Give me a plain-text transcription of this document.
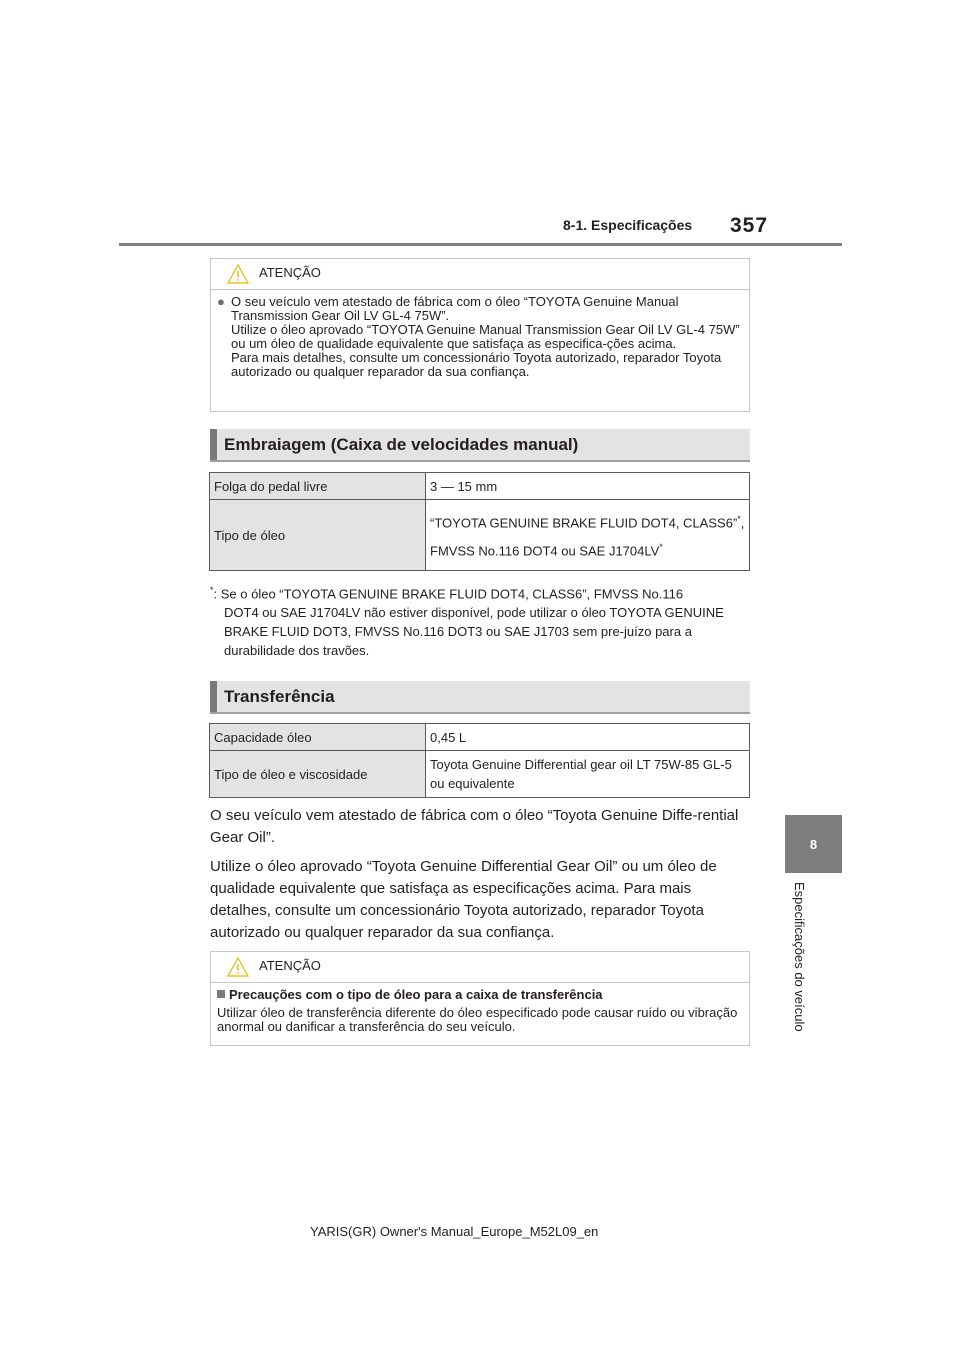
8-1. Especificações 357
8
Especificações do veículo
ATENÇÃO
● O seu veículo vem atestado de fábrica com o óleo “TOYOTA Genuine Manual Transmission Gear Oil LV GL-4 75W”.
Utilize o óleo aprovado “TOYOTA Genuine Manual Transmission Gear Oil LV GL-4 75W” ou um óleo de qualidade equivalente que satisfaça as especifica-ções acima.
Para mais detalhes, consulte um concessionário Toyota autorizado, reparador Toyota autorizado ou qualquer reparador da sua confiança.
Embraiagem (Caixa de velocidades manual)
Folga do pedal livre	3 — 15 mm
Tipo de óleo	“TOYOTA GENUINE BRAKE FLUID DOT4, CLASS6”*, FMVSS No.116 DOT4 ou SAE J1704LV*
*: Se o óleo “TOYOTA GENUINE BRAKE FLUID DOT4, CLASS6”, FMVSS No.116
DOT4 ou SAE J1704LV não estiver disponível, pode utilizar o óleo TOYOTA GENUINE BRAKE FLUID DOT3, FMVSS No.116 DOT3 ou SAE J1703 sem pre-juízo para a durabilidade dos travões.
Transferência
Capacidade óleo	0,45 L
Tipo de óleo e viscosidade	Toyota Genuine Differential gear oil LT 75W-85 GL-5 ou equivalente

O seu veículo vem atestado de fábrica com o óleo “Toyota Genuine Diffe-rential Gear Oil”.

Utilize o óleo aprovado “Toyota Genuine Differential Gear Oil” ou um óleo de qualidade equivalente que satisfaça as especificações acima. Para mais detalhes, consulte um concessionário Toyota autorizado, reparador Toyota autorizado ou qualquer reparador da sua confiança.

ATENÇÃO
Precauções com o tipo de óleo para a caixa de transferência
Utilizar óleo de transferência diferente do óleo especificado pode causar ruído ou vibração anormal ou danificar a transferência do seu veículo.
YARIS(GR) Owner's Manual_Europe_M52L09_en
